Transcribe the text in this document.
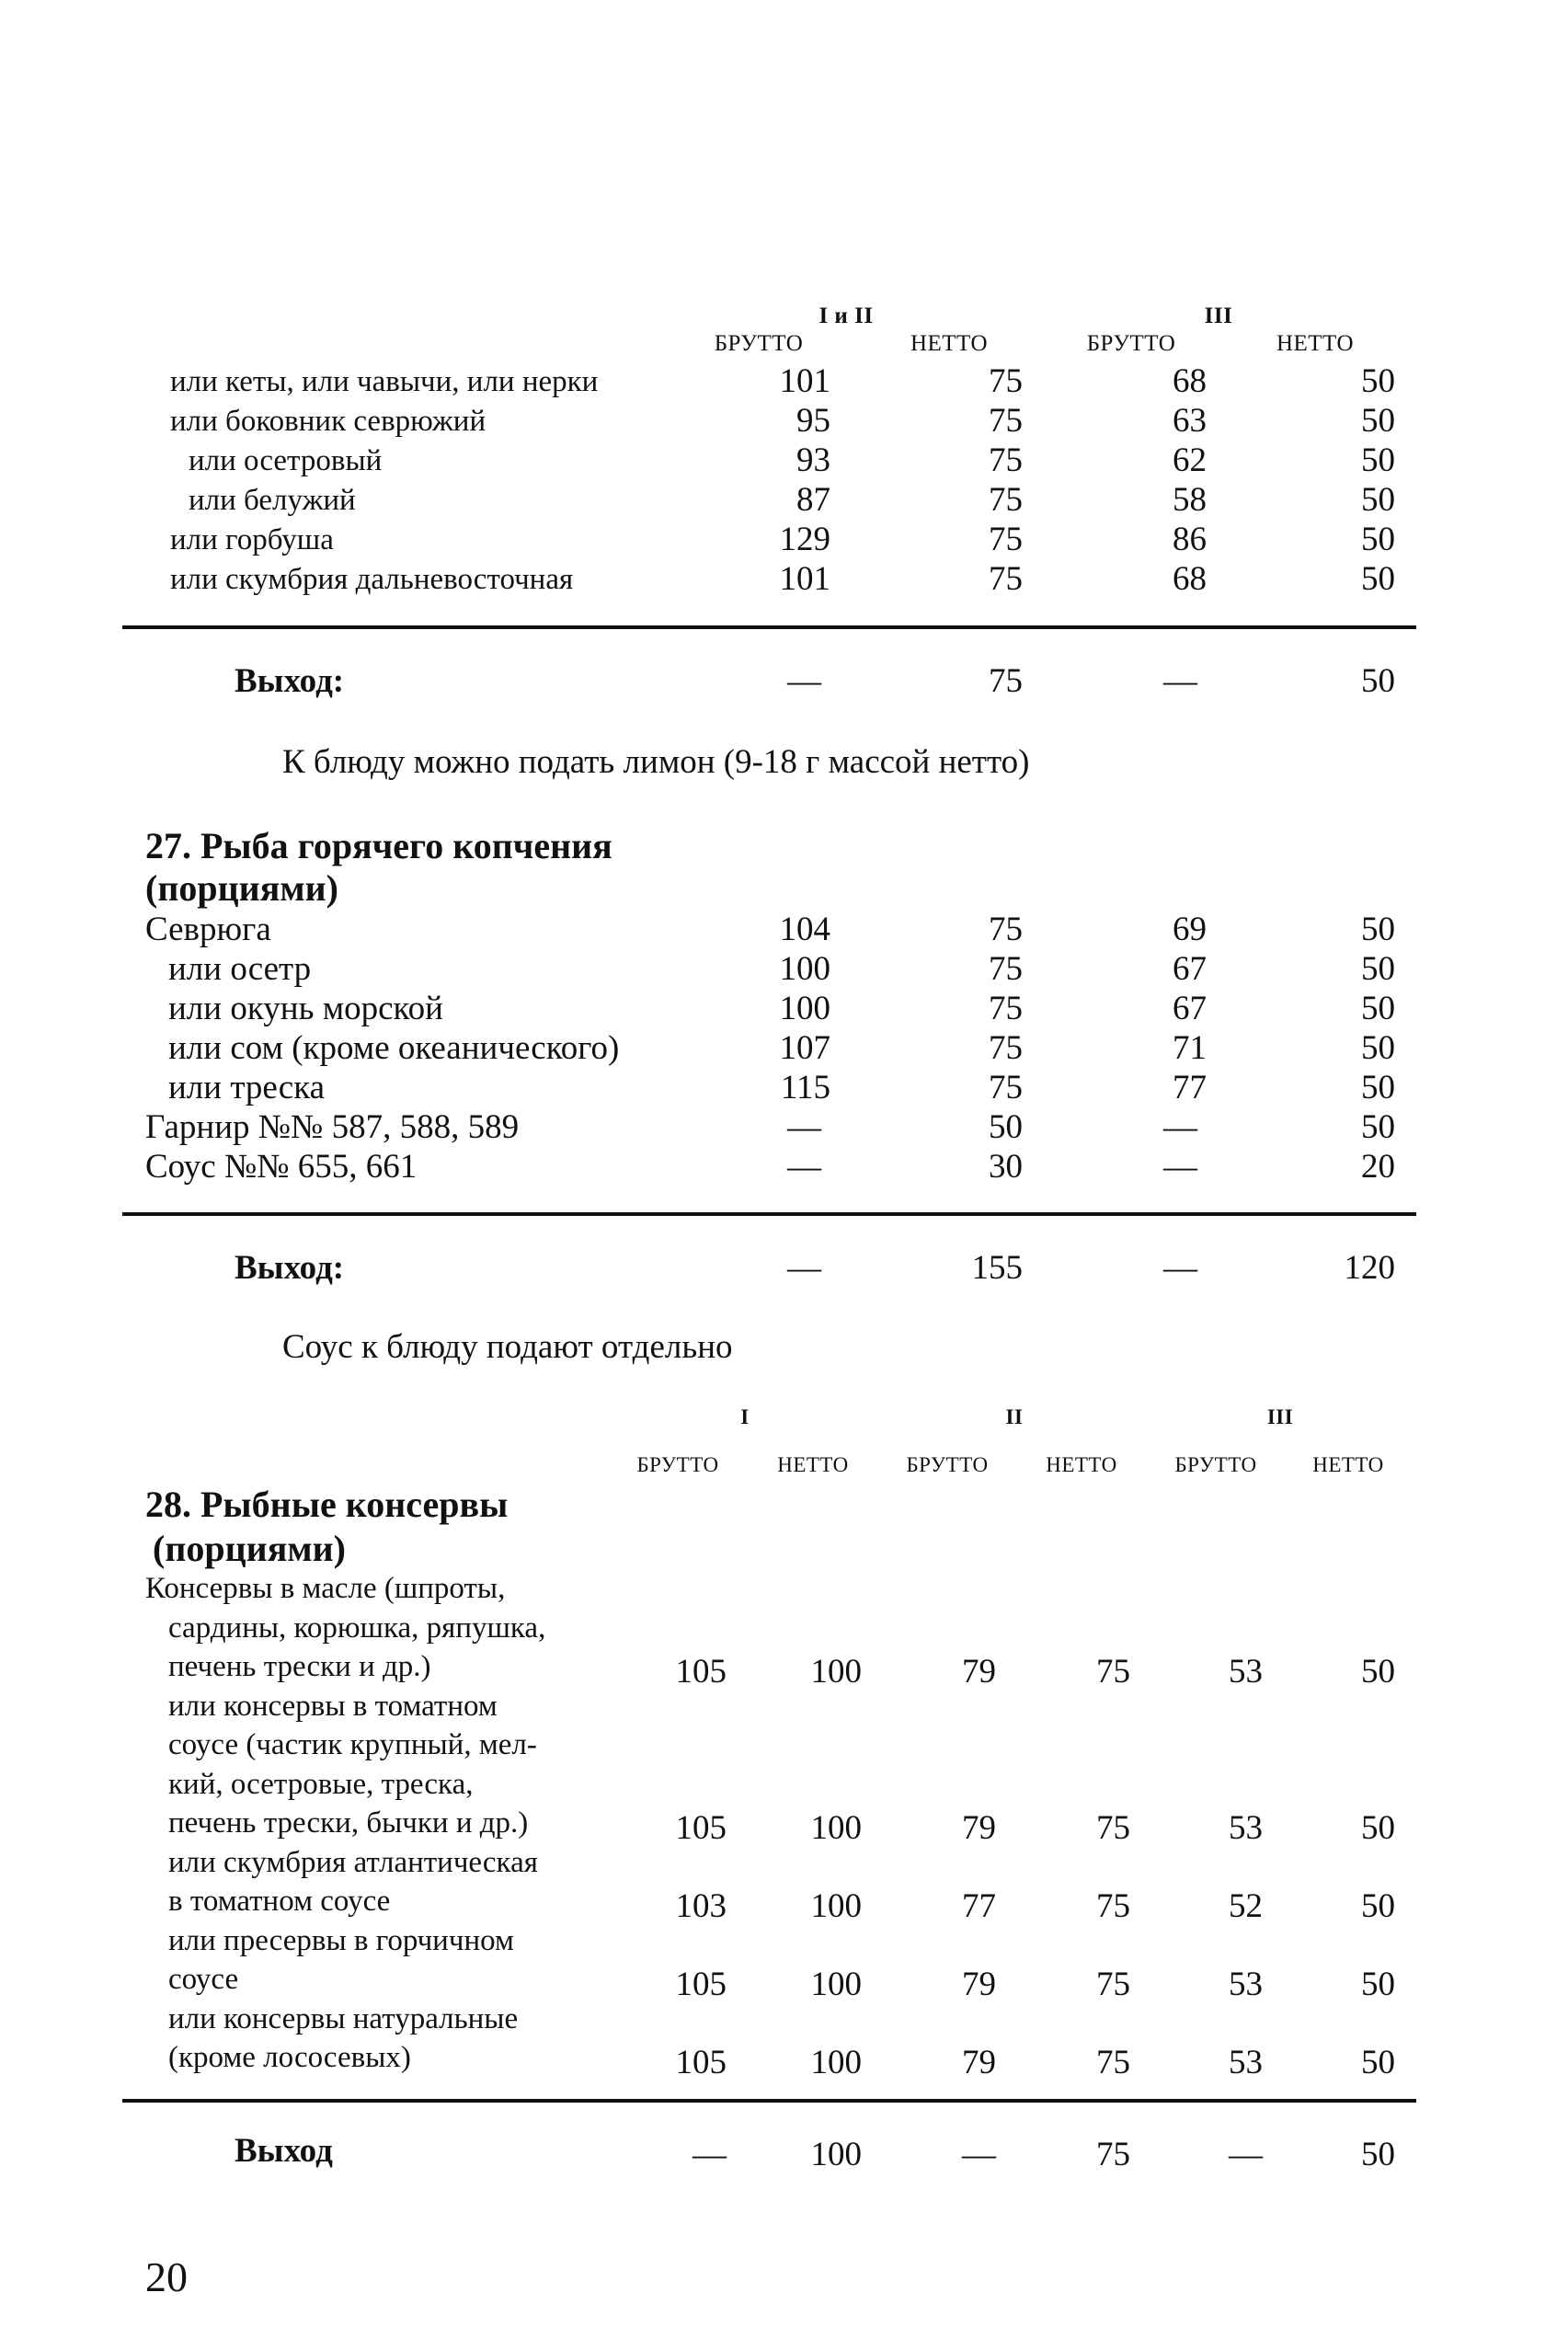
I и II	III
БРУТТО	НЕТТО	БРУТТО	НЕТТО
или кеты, или чавычи, или нерки	101	75	68	50
или боковник севрюжий	95	75	63	50
или осетровый	93	75	62	50
или белужий	87	75	58	50
или горбуша	129	75	86	50
или скумбрия дальневосточная	101	75	68	50
Выход:	—	75	—	50
К блюду можно подать лимон (9-18 г массой нетто)
27. Рыба горячего копчения
(порциями)
Севрюга	104	75	69	50
или осетр	100	75	67	50
или окунь морской	100	75	67	50
или сом (кроме океанического)	107	75	71	50
или треска	115	75	77	50
Гарнир №№ 587, 588, 589	—	50	—	50
Соус №№ 655, 661	—	30	—	20
Выход:	—	155	—	120
Соус к блюду подают отдельно
I	II	III
БРУТТО	НЕТТО	БРУТТО	НЕТТО	БРУТТО	НЕТТО
28. Рыбные консервы
(порциями)
Консервы в масле (шпроты,
сардины, корюшка, ряпушка,
печень трески и др.)	105	100	79	75	53	50
или консервы в томатном
соусе (частик крупный, мел-
кий, осетровые, треска,
печень трески, бычки и др.)	105	100	79	75	53	50
или скумбрия атлантическая
в томатном соусе	103	100	77	75	52	50
или пресервы в горчичном
соусе	105	100	79	75	53	50
или консервы натуральные
(кроме лососевых)	105	100	79	75	53	50
Выход	—	100	—	75	—	50
20
